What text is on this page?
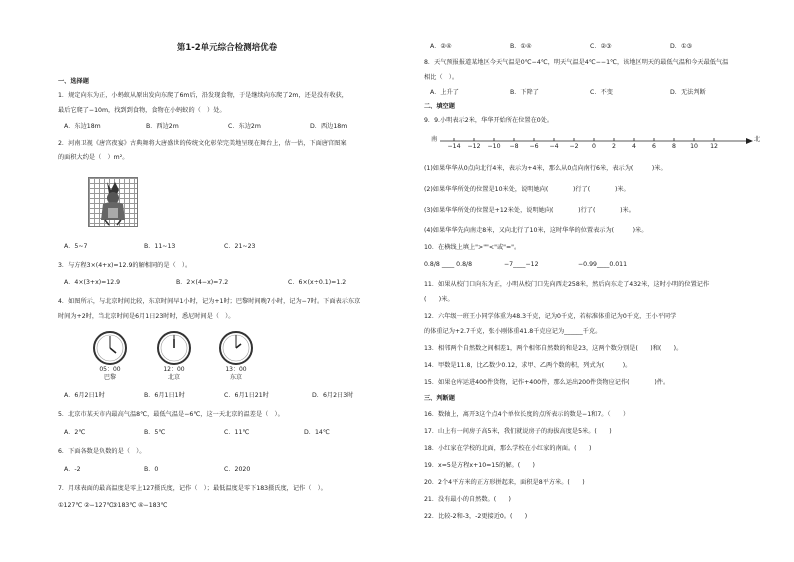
第1-2单元综合检测培优卷
一、选择题
1．规定向东为正，小蚂蚁从原出发向东爬了6m后，沿发现食物，于是继续向东爬了2m，还是没有收获，
最后它爬了−10m，找到到食物，食物在小蚂蚁的（　）处。
A．东边18m	B．西边2m	C．东边2m	D．西边18m
2．河南卫视《唐宫夜宴》古典舞将大唐盛世的传统文化彰荣完美地呈现在舞台上，估一估，下面唐宫图案
的面积大约是（　）m²。
A．5~7	B．11~13	C．21~23
3．与方程3×(4+x)=12.9的解相同的是（　）。
A．4×(3+x)=12.9	B．2×(4−x)=7.2	C．6×(x÷0.1)=1.2
4．如图所示，与北京时间比较，东京时间早1小时，记为+1时；巴黎时间晚7小时，记为−7时。下面表示东京
时间为+2时，当北京时间是6月1日23时时，悉尼时间是（　）。
05：00
巴黎
12：00
北京
13：00
东京
A．6月2日1时	B．6月1日1时	C．6月1日21时	D．6月2日3时
5．北京市某天市内最高气温8℃，最低气温是−6℃，这一天北京的温差是（　）。
A．2℃	B．5℃	C．11℃	D．14℃
6．下面各数是负数的是（　）。
A．-2	B．0	C．2020
7．月球表面的最高温度是零上127摄氏度，记作（　）；最低温度是零下183摄氏度，记作（　）。
①127℃ ②−127℃③183℃ ④−183℃
A．②④	B．①④	C．②③	D．①③
8．天气预报报道某地区今天气温是0℃−4℃，明天气温是4℃−−1℃，该地区明天的最低气温和今天最低气温
相比（　）。
A．上升了	B．下降了	C．不变	D．无法判断
二、填空题
9．9.小明表示2米，华华开始所在位置在0处。
南	北
−14 −12 −10	−8	−6	−4	−2	0	2	4	6	8	10	12
(1)如果华华从0点向北行4米，表示为+4米，那么从0点向南行6米，表示为(　　　)米。
(2)如果华华所处的位置是10米处，说明她向(　　　　)行了(　　　　)米。
(3)如果华华所处的位置是+12米处，说明她向(　　　　)行了(　　　　)米。
(4)如果华华先向南走8米，又向北行了10米，这时华华的位置表示为(　　　)米。
10．在横线上填上">""<"或"="。
0.8/8 ____ 0.8/8	−7____−12	−0.99____0.011
11．如果从校门口向东为正，小明从校门口先向西走258米，然后向东走了432米，这时小明的位置记作
(　　)米。
12．六年级一班王小同学体重为48.3千克，记为0千克，若标准体重记为0千克，王小平同学
的体重记为+2.7千克，张小刚体重41.8千克应记为______千克。
13．相邻两个自然数之间相差1，两个相邻自然数的和是23，这两个数分别是(　　)和(　　)。
14．甲数是11.8，比乙数少0.12，求甲、乙两个数的积，列式为(　　　)。
15．如果仓库运进400件货物，记作+400件，那么运出200件货物应记作(　　　　)件。
三、判断题
16．数轴上，离开3这个点4个单位长度的点所表示的数是−1和7。（　　）
17．山上有一间房子高5米，我们就说房子的海拔高度是5米。(　　)
18．小红家在学校的北面，那么学校在小红家的南面。(　　)
19．x=5是方程x+10=15的解。(　　)
20．2个4平方米的正方形拼起来，面积是8平方米。(　　)
21．没有最小的自然数。(　　)
22．比较-2和-3，-2更接近0。(　　)
